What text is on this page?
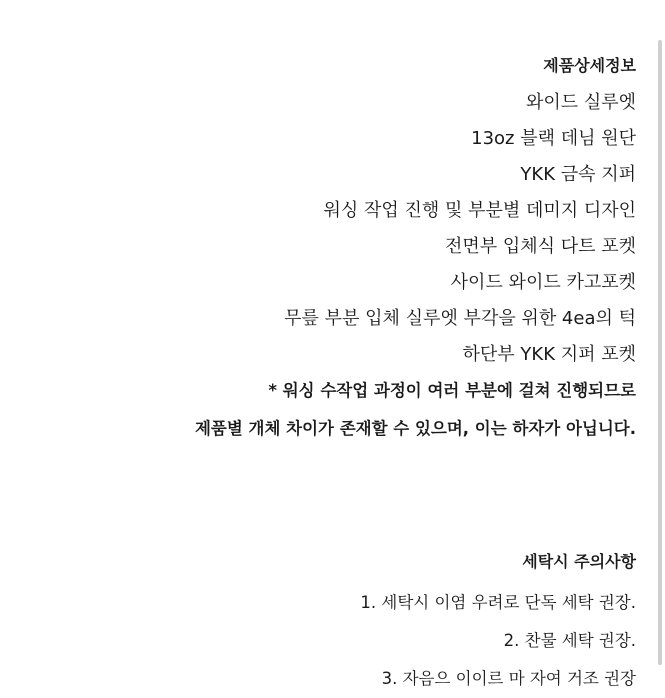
제품상세정보
와이드 실루엣
13oz 블랙 데님 원단
YKK 금속 지퍼
워싱 작업 진행 및 부분별 데미지 디자인
전면부 입체식 다트 포켓
사이드 와이드 카고포켓
무릎 부분 입체 실루엣 부각을 위한 4ea의 턱
하단부 YKK 지퍼 포켓
* 워싱 수작업 과정이 여러 부분에 걸쳐 진행되므로
제품별 개체 차이가 존재할 수 있으며, 이는 하자가 아닙니다.
세탁시 주의사항
1. 세탁시 이염 우려로 단독 세탁 권장.
2. 찬물 세탁 권장.
3. 자음으 이이르 마 자여 거조 권장
